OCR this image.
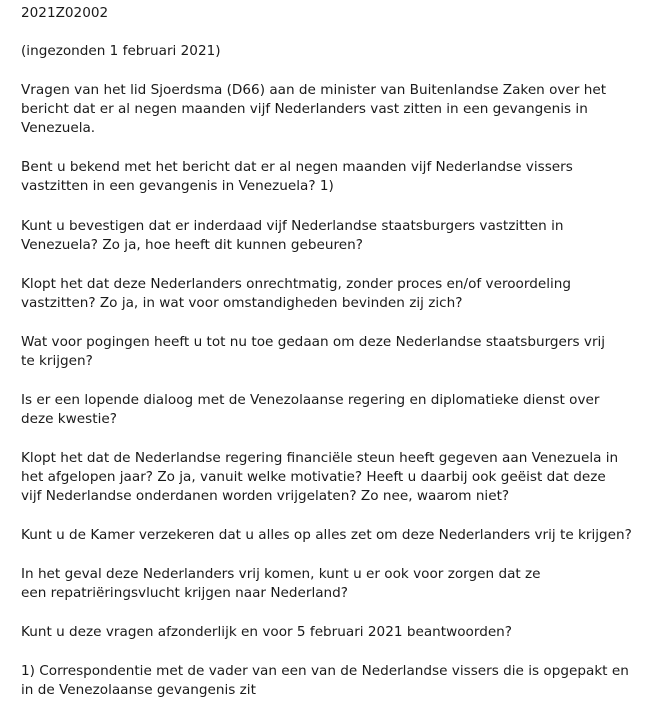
2021Z02002

(ingezonden 1 februari 2021)

Vragen van het lid Sjoerdsma (D66) aan de minister van Buitenlandse Zaken over het bericht dat er al negen maanden vijf Nederlanders vast zitten in een gevangenis in Venezuela.

Bent u bekend met het bericht dat er al negen maanden vijf Nederlandse vissers vastzitten in een gevangenis in Venezuela? 1)

Kunt u bevestigen dat er inderdaad vijf Nederlandse staatsburgers vastzitten in Venezuela? Zo ja, hoe heeft dit kunnen gebeuren?

Klopt het dat deze Nederlanders onrechtmatig, zonder proces en/of veroordeling vastzitten? Zo ja, in wat voor omstandigheden bevinden zij zich?

Wat voor pogingen heeft u tot nu toe gedaan om deze Nederlandse staatsburgers vrij te krijgen?

Is er een lopende dialoog met de Venezolaanse regering en diplomatieke dienst over deze kwestie?

Klopt het dat de Nederlandse regering financiële steun heeft gegeven aan Venezuela in het afgelopen jaar? Zo ja, vanuit welke motivatie? Heeft u daarbij ook geëist dat deze vijf Nederlandse onderdanen worden vrijgelaten? Zo nee, waarom niet?

Kunt u de Kamer verzekeren dat u alles op alles zet om deze Nederlanders vrij te krijgen?

In het geval deze Nederlanders vrij komen, kunt u er ook voor zorgen dat ze een repatriëringsvlucht krijgen naar Nederland?

Kunt u deze vragen afzonderlijk en voor 5 februari 2021 beantwoorden?

1) Correspondentie met de vader van een van de Nederlandse vissers die is opgepakt en in de Venezolaanse gevangenis zit
